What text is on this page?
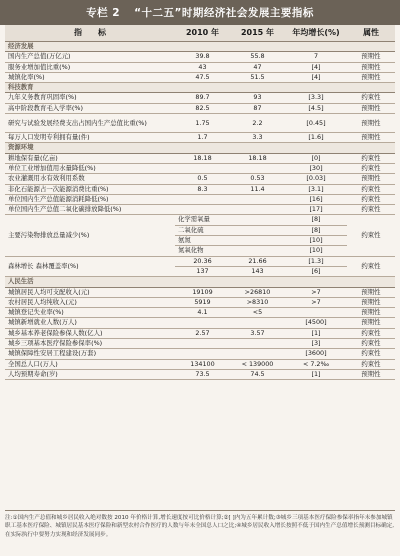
专栏 2 “十二五”时期经济社会发展主要指标
指　　标	2010 年	2015 年	年均增长(%)	属性
经济发展				
国内生产总值(万亿元)	39.8	55.8	7	预期性
服务业增加值比重(%)	43	47	[4]	预期性
城镇化率(%)	47.5	51.5	[4]	预期性
科技教育				
九年义务教育巩固率(%)	89.7	93	[3.3]	约束性
高中阶段教育毛入学率(%)	82.5	87	[4.5]	预期性
研究与试验发展经费支出占国内生产总值比重(%)	1.75	2.2	[0.45]	预期性
每万人口发明专利拥有量(件)	1.7	3.3	[1.6]	预期性
资源环境				
耕地保有量(亿亩)	18.18	18.18	[0]	约束性
单位工业增加值用水量降低(%)			[30]	约束性
农业灌溉用水有效利用系数	0.5	0.53	[0.03]	预期性
非化石能源占一次能源消费比重(%)	8.3	11.4	[3.1]	约束性
单位国内生产总值能源消耗降低(%)			[16]	约束性
单位国内生产总值二氧化碳排放降低(%)			[17]	约束性
主要污染物排放总量减少(%)	化学需氧量		[8]	约束性
	二氧化硫		[8]	
	氨氮		[10]	
	氮氧化物		[10]	
森林增长 森林覆盖率(%)	20.36	21.66	[1.3]	约束性
	137	143	[6]	
人民生活				
城镇居民人均可支配收入(元)	19109	>26810	>7	预期性
农村居民人均纯收入(元)	5919	>8310	>7	预期性
城镇登记失业率(%)	4.1	<5		预期性
城镇新增就业人数(万人)			[4500]	预期性
城乡基本养老保险参保人数(亿人)	2.57	3.57	[1]	约束性
城乡三项基本医疗保险参保率(%)			[3]	约束性
城镇保障性安居工程建设(万套)			[3600]	约束性
全国总人口(万人)	134100	< 139000	< 7.2‰	约束性
人均预期寿命(岁)	73.5	74.5	[1]	预期性
注:①国内生产总值和城乡居民收入绝对数按 2010 年价格计算,增长速度按可比价格计算;②[ ]内为五年累计数;③城乡三项基本医疗保险参保率指年末参加城镇职工基本医疗保险、城镇居民基本医疗保险和新型农村合作医疗的人数与年末全国总人口之比;④城乡居民收入增长按照不低于国内生产总值增长预测目标确定,在实际执行中要努力实现和经济发展同步。
